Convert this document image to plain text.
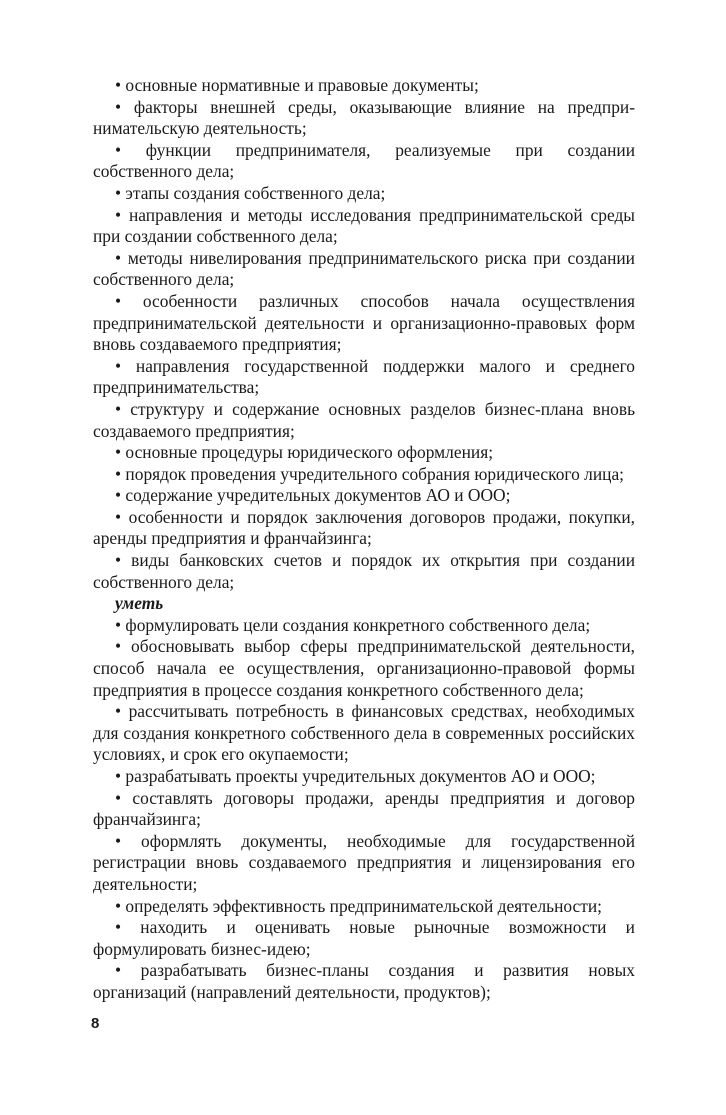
• основные нормативные и правовые документы;

• факторы внешней среды, оказывающие влияние на предпринимательскую деятельность;

• функции предпринимателя, реализуемые при создании собственного дела;

• этапы создания собственного дела;

• направления и методы исследования предпринимательской среды при создании собственного дела;

• методы нивелирования предпринимательского риска при создании собственного дела;

• особенности различных способов начала осуществления предпринимательской деятельности и организационно-правовых форм вновь создаваемого предприятия;

• направления государственной поддержки малого и среднего предпринимательства;

• структуру и содержание основных разделов бизнес-плана вновь создаваемого предприятия;

• основные процедуры юридического оформления;

• порядок проведения учредительного собрания юридического лица;

• содержание учредительных документов АО и ООО;

• особенности и порядок заключения договоров продажи, покупки, аренды предприятия и франчайзинга;

• виды банковских счетов и порядок их открытия при создании собственного дела;

уметь

• формулировать цели создания конкретного собственного дела;

• обосновывать выбор сферы предпринимательской деятельности, способ начала ее осуществления, организационно-правовой формы предприятия в процессе создания конкретного собственного дела;

• рассчитывать потребность в финансовых средствах, необходимых для создания конкретного собственного дела в современных российских условиях, и срок его окупаемости;

• разрабатывать проекты учредительных документов АО и ООО;

• составлять договоры продажи, аренды предприятия и договор франчайзинга;

• оформлять документы, необходимые для государственной регистрации вновь создаваемого предприятия и лицензирования его деятельности;

• определять эффективность предпринимательской деятельности;

• находить и оценивать новые рыночные возможности и формулировать бизнес-идею;

• разрабатывать бизнес-планы создания и развития новых организаций (направлений деятельности, продуктов);

8
